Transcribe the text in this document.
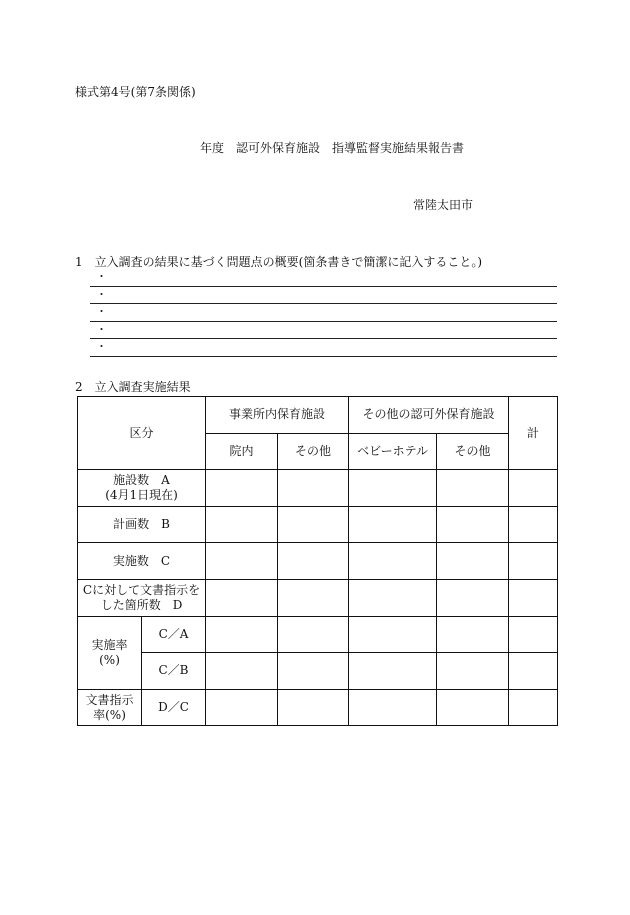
様式第4号(第7条関係)
年度　認可外保育施設　指導監督実施結果報告書
常陸太田市
1　立入調査の結果に基づく問題点の概要(箇条書きで簡潔に記入すること。)
・
・
・
・
・
2　立入調査実施結果
区分		事業所内保育施設		その他の認可外保育施設		計
		院内	その他	ベビーホテル	その他	

施設数　A
(4月1日現在)						

計画数　B						
実施数　C						

Cに対して文書指示を
した箇所数　D						

実施率
(%)	C／A					
	C／B					

文書指示
率(%)	D／C					
